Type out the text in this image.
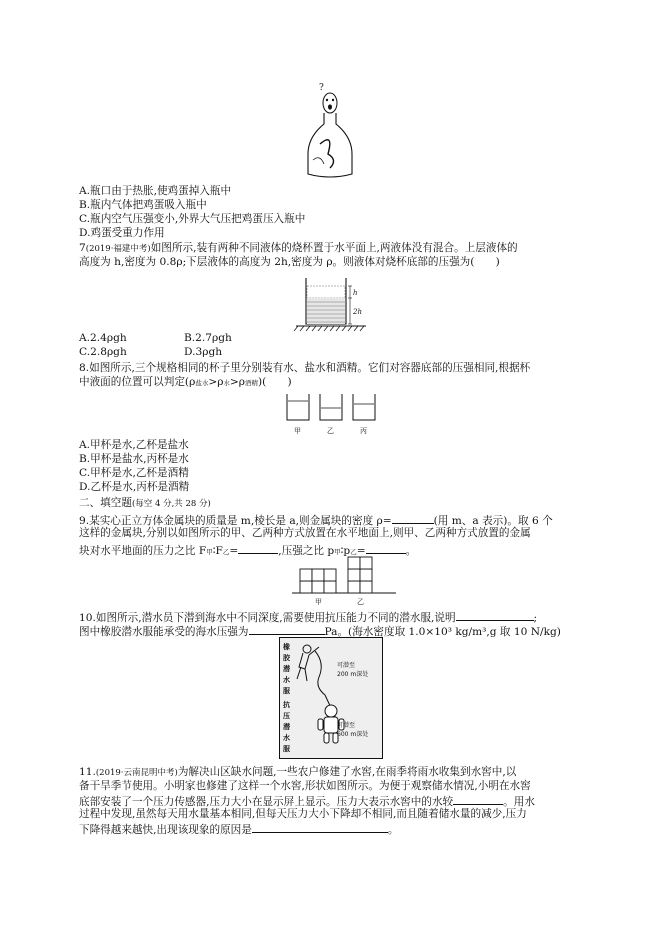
?
A.瓶口由于热胀,使鸡蛋掉入瓶中
B.瓶内气体把鸡蛋吸入瓶中
C.瓶内空气压强变小,外界大气压把鸡蛋压入瓶中
D.鸡蛋受重力作用
7(2019·福建中考)如图所示,装有两种不同液体的烧杯置于水平面上,两液体没有混合。上层液体的
高度为 h,密度为 0.8ρ;下层液体的高度为 2h,密度为 ρ。则液体对烧杯底部的压强为(　　)
h
2h
A.2.4ρgh	B.2.7ρgh
C.2.8ρgh	D.3ρgh
8.如图所示,三个规格相同的杯子里分别装有水、盐水和酒精。它们对容器底部的压强相同,根据杯
中液面的位置可以判定(ρ盐水>ρ水>ρ酒精)(　　)
甲	乙	丙
A.甲杯是水,乙杯是盐水
B.甲杯是盐水,丙杯是水
C.甲杯是水,乙杯是酒精
D.乙杯是水,丙杯是酒精
二、填空题(每空 4 分,共 28 分)
9.某实心正立方体金属块的质量是 m,棱长是 a,则金属块的密度 ρ=	(用 m、a 表示)。取 6 个
这样的金属块,分别以如图所示的甲、乙两种方式放置在水平地面上,则甲、乙两种方式放置的金属
块对水平地面的压力之比 F甲∶F乙=	,压强之比 p甲∶p乙=	。
甲	乙
10.如图所示,潜水员下潜到海水中不同深度,需要使用抗压能力不同的潜水服,说明	;
图中橡胶潜水服能承受的海水压强为	Pa。(海水密度取 1.0×10³ kg/m³,g 取 10 N/kg)
橡
胶
潜
水
服
抗
压
潜
水
服
可潜至
200 m深处
可潜至
600 m深处
11.(2019·云南昆明中考)为解决山区缺水问题,一些农户修建了水窖,在雨季将雨水收集到水窖中,以
备干旱季节使用。小明家也修建了这样一个水窖,形状如图所示。为便于观察储水情况,小明在水窖
底部安装了一个压力传感器,压力大小在显示屏上显示。压力大表示水窖中的水较	。用水
过程中发现,虽然每天用水量基本相同,但每天压力大小下降却不相同,而且随着储水量的减少,压力
下降得越来越快,出现该现象的原因是	。
